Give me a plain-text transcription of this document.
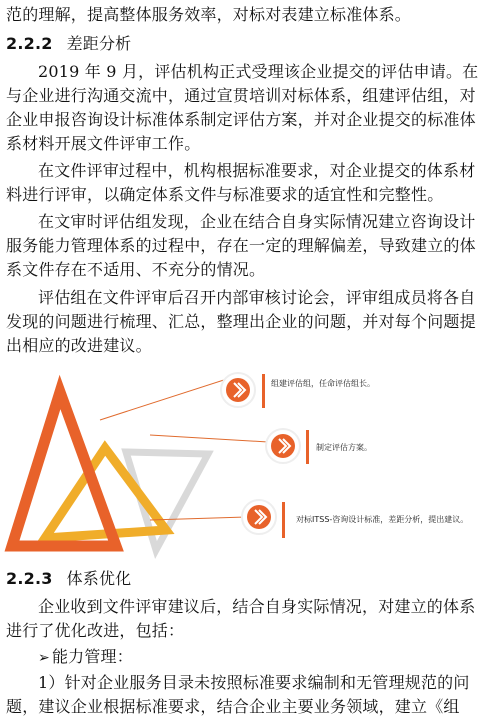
范的理解，提高整体服务效率，对标对表建立标准体系。
2.2.2 差距分析
2019 年 9 月，评估机构正式受理该企业提交的评估申请。在
与企业进行沟通交流中，通过宣贯培训对标体系，组建评估组，对
企业申报咨询设计标准体系制定评估方案，并对企业提交的标准体
系材料开展文件评审工作。
在文件评审过程中，机构根据标准要求，对企业提交的体系材
料进行评审，以确定体系文件与标准要求的适宜性和完整性。
在文审时评估组发现，企业在结合自身实际情况建立咨询设计
服务能力管理体系的过程中，存在一定的理解偏差，导致建立的体
系文件存在不适用、不充分的情况。
评估组在文件评审后召开内部审核讨论会，评审组成员将各自
发现的问题进行梳理、汇总，整理出企业的问题，并对每个问题提
出相应的改进建议。
组建评估组，任命评估组长。
制定评估方案。
对标ITSS-咨询设计标准，差距分析，提出建议。
2.2.3 体系优化
企业收到文件评审建议后，结合自身实际情况，对建立的体系
进行了优化改进，包括：
➢ 能力管理：
1）针对企业服务目录未按照标准要求编制和无管理规范的问
题，建议企业根据标准要求，结合企业主要业务领域，建立《组
